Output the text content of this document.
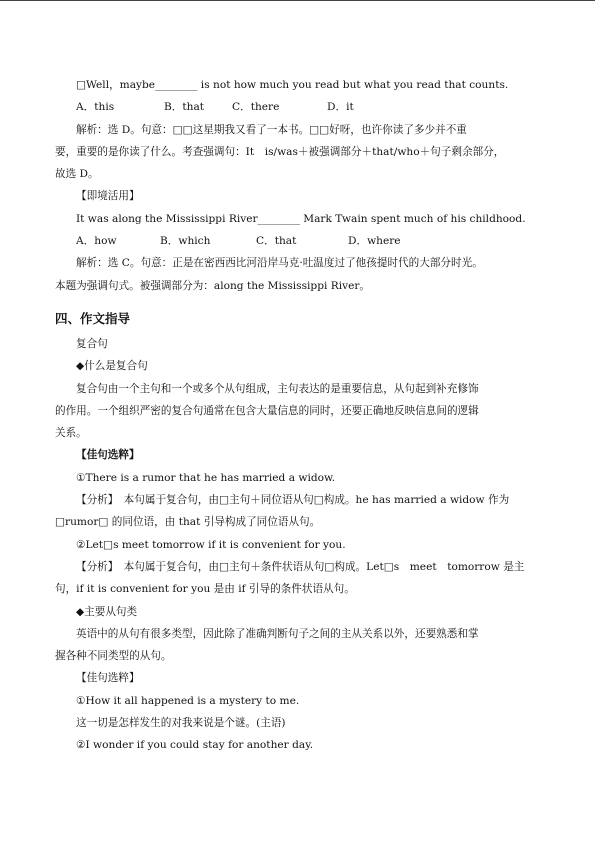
□Well，maybe________ is not how much you read but what you read that counts.

A．this	B．that	C．there	D．it

解析：选 D。句意：□□这星期我又看了一本书。□□好呀，也许你读了多少并不重

要，重要的是你读了什么。考查强调句：It　is/was＋被强调部分＋that/who＋句子剩余部分，

故选 D。

【即境活用】

It was along the Mississippi River________ Mark Twain spent much of his childhood.

A．how	B．which	C．that	D．where

解析：选 C。句意：正是在密西西比河沿岸马克·吐温度过了他孩提时代的大部分时光。

本题为强调句式。被强调部分为：along the Mississippi River。

四、作文指导

复合句

◆什么是复合句

复合句由一个主句和一个或多个从句组成，主句表达的是重要信息，从句起到补充修饰

的作用。一个组织严密的复合句通常在包含大量信息的同时，还要正确地反映信息间的逻辑

关系。

【佳句选粹】

①There is a rumor that he has married a widow.

【分析】　本句属于复合句，由□主句＋同位语从句□构成。he has married a widow 作为

□rumor□ 的同位语，由 that 引导构成了同位语从句。

②Let□s meet tomorrow if it is convenient for you.

【分析】　本句属于复合句，由□主句＋条件状语从句□构成。Let□s　meet　tomorrow 是主

句，if it is convenient for you 是由 if 引导的条件状语从句。

◆主要从句类

英语中的从句有很多类型，因此除了准确判断句子之间的主从关系以外，还要熟悉和掌

握各种不同类型的从句。

【佳句选粹】

①How it all happened is a mystery to me.

这一切是怎样发生的对我来说是个谜。(主语)

②I wonder if you could stay for another day.
